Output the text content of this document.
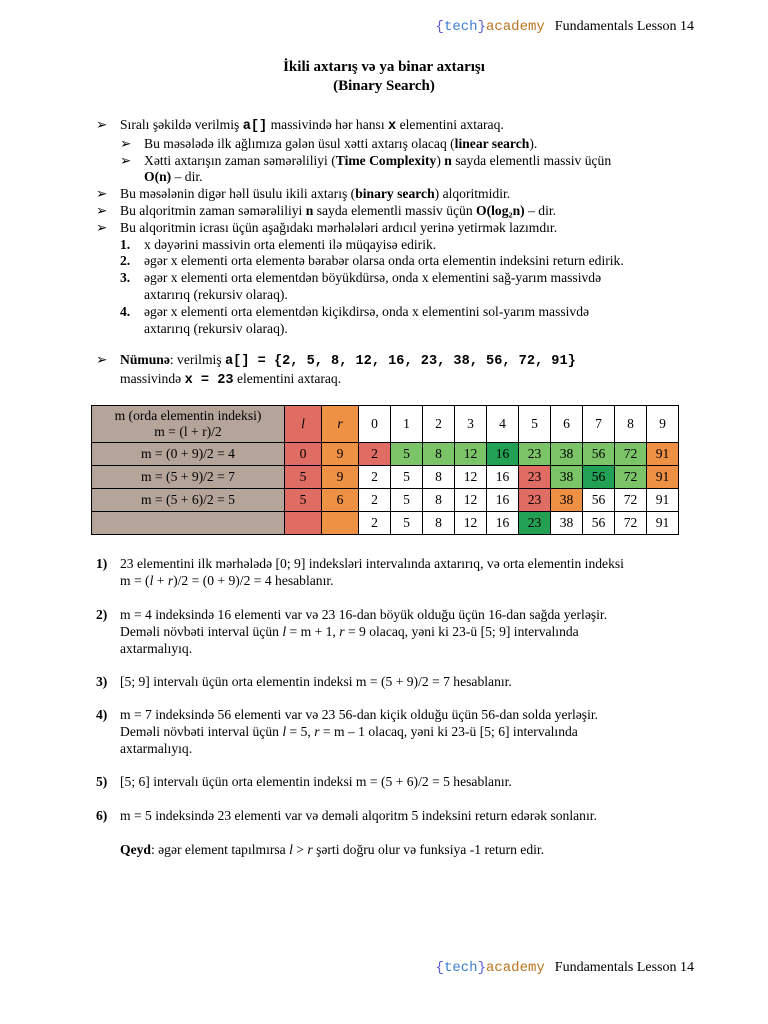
{tech}academy Fundamentals Lesson 14
İkili axtarış və ya binar axtarışı
(Binary Search)
➢ Sıralı şəkildə verilmiş a[] massivində hər hansı x elementini axtaraq.
➢ Bu məsələdə ilk ağlımıza gələn üsul xətti axtarış olacaq (linear search).
➢ Xətti axtarışın zaman səmərəliliyi (Time Complexity) n sayda elementli massiv üçün
O(n) – dir.
➢ Bu məsələnin digər həll üsulu ikili axtarış (binary search) alqoritmidir.
➢ Bu alqoritmin zaman səmərəliliyi n sayda elementli massiv üçün O(log₂n) – dir.
➢ Bu alqoritmin icrası üçün aşağıdakı mərhələləri ardıcıl yerinə yetirmək lazımdır.
1. x dəyərini massivin orta elementi ilə müqayisə edirik.
2. əgər x elementi orta elementə bərabər olarsa onda orta elementin indeksini return edirik.
3. əgər x elementi orta elementdən böyükdürsə, onda x elementini sağ-yarım massivdə
axtarırıq (rekursiv olaraq).
4. əgər x elementi orta elementdən kiçikdirsə, onda x elementini sol-yarım massivdə
axtarırıq (rekursiv olaraq).
➢ Nümunə: verilmiş a[] = {2, 5, 8, 12, 16, 23, 38, 56, 72, 91}
massivində x = 23 elementini axtaraq.
m (orda elementin indeksi)
m = (l + r)/2	l	r	0	1	2	3	4	5	6	7	8	9
m = (0 + 9)/2 = 4	0	9	2	5	8	12	16	23	38	56	72	91
m = (5 + 9)/2 = 7	5	9	2	5	8	12	16	23	38	56	72	91
m = (5 + 6)/2 = 5	5	6	2	5	8	12	16	23	38	56	72	91
			2	5	8	12	16	23	38	56	72	91
1) 23 elementini ilk mərhələdə [0; 9] indeksləri intervalında axtarırıq, və orta elementin indeksi
m = (l + r)/2 = (0 + 9)/2 = 4 hesablanır.
2) m = 4 indeksində 16 elementi var və 23 16-dan böyük olduğu üçün 16-dan sağda yerləşir.
Deməli növbəti interval üçün l = m + 1, r = 9 olacaq, yəni ki 23-ü [5; 9] intervalında
axtarmalıyıq.
3) [5; 9] intervalı üçün orta elementin indeksi m = (5 + 9)/2 = 7 hesablanır.
4) m = 7 indeksində 56 elementi var və 23 56-dan kiçik olduğu üçün 56-dan solda yerləşir.
Deməli növbəti interval üçün l = 5, r = m – 1 olacaq, yəni ki 23-ü [5; 6] intervalında
axtarmalıyıq.
5) [5; 6] intervalı üçün orta elementin indeksi m = (5 + 6)/2 = 5 hesablanır.
6) m = 5 indeksində 23 elementi var və deməli alqoritm 5 indeksini return edərək sonlanır.
Qeyd: əgər element tapılmırsa l > r şərti doğru olur və funksiya -1 return edir.
{tech}academy Fundamentals Lesson 14
